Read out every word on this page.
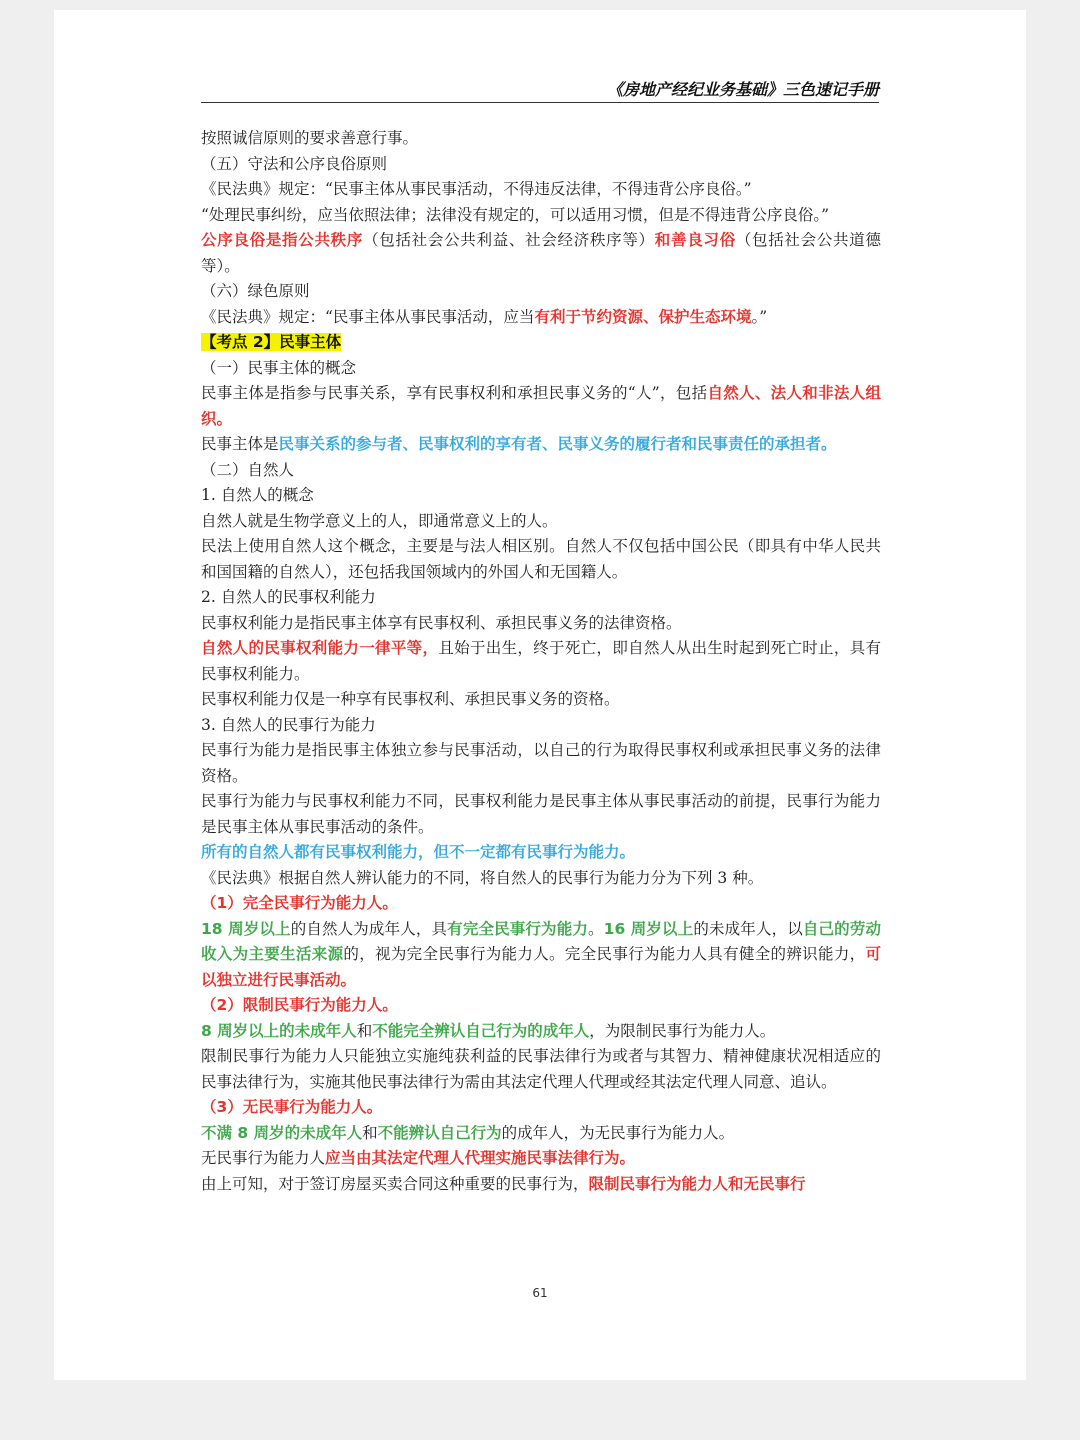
《房地产经纪业务基础》三色速记手册
按照诚信原则的要求善意行事。
（五）守法和公序良俗原则
《民法典》规定：“民事主体从事民事活动，不得违反法律，不得违背公序良俗。”
“处理民事纠纷，应当依照法律；法律没有规定的，可以适用习惯，但是不得违背公序良俗。”
公序良俗是指公共秩序（包括社会公共利益、社会经济秩序等）和善良习俗（包括社会公共道德等）。
（六）绿色原则
《民法典》规定：“民事主体从事民事活动，应当有利于节约资源、保护生态环境。”
【考点 2】民事主体
（一）民事主体的概念
民事主体是指参与民事关系，享有民事权利和承担民事义务的“人”，包括自然人、法人和非法人组织。
民事主体是民事关系的参与者、民事权利的享有者、民事义务的履行者和民事责任的承担者。
（二）自然人
1. 自然人的概念
自然人就是生物学意义上的人，即通常意义上的人。
民法上使用自然人这个概念，主要是与法人相区别。自然人不仅包括中国公民（即具有中华人民共和国国籍的自然人），还包括我国领域内的外国人和无国籍人。
2. 自然人的民事权利能力
民事权利能力是指民事主体享有民事权利、承担民事义务的法律资格。
自然人的民事权利能力一律平等，且始于出生，终于死亡，即自然人从出生时起到死亡时止，具有民事权利能力。
民事权利能力仅是一种享有民事权利、承担民事义务的资格。
3. 自然人的民事行为能力
民事行为能力是指民事主体独立参与民事活动，以自己的行为取得民事权利或承担民事义务的法律资格。
民事行为能力与民事权利能力不同，民事权利能力是民事主体从事民事活动的前提，民事行为能力是民事主体从事民事活动的条件。
所有的自然人都有民事权利能力，但不一定都有民事行为能力。
《民法典》根据自然人辨认能力的不同，将自然人的民事行为能力分为下列 3 种。
（1）完全民事行为能力人。
18 周岁以上的自然人为成年人，具有完全民事行为能力。16 周岁以上的未成年人，以自己的劳动收入为主要生活来源的，视为完全民事行为能力人。完全民事行为能力人具有健全的辨识能力，可以独立进行民事活动。
（2）限制民事行为能力人。
8 周岁以上的未成年人和不能完全辨认自己行为的成年人，为限制民事行为能力人。
限制民事行为能力人只能独立实施纯获利益的民事法律行为或者与其智力、精神健康状况相适应的民事法律行为，实施其他民事法律行为需由其法定代理人代理或经其法定代理人同意、追认。
（3）无民事行为能力人。
不满 8 周岁的未成年人和不能辨认自己行为的成年人，为无民事行为能力人。
无民事行为能力人应当由其法定代理人代理实施民事法律行为。
由上可知，对于签订房屋买卖合同这种重要的民事行为，限制民事行为能力人和无民事行
61
